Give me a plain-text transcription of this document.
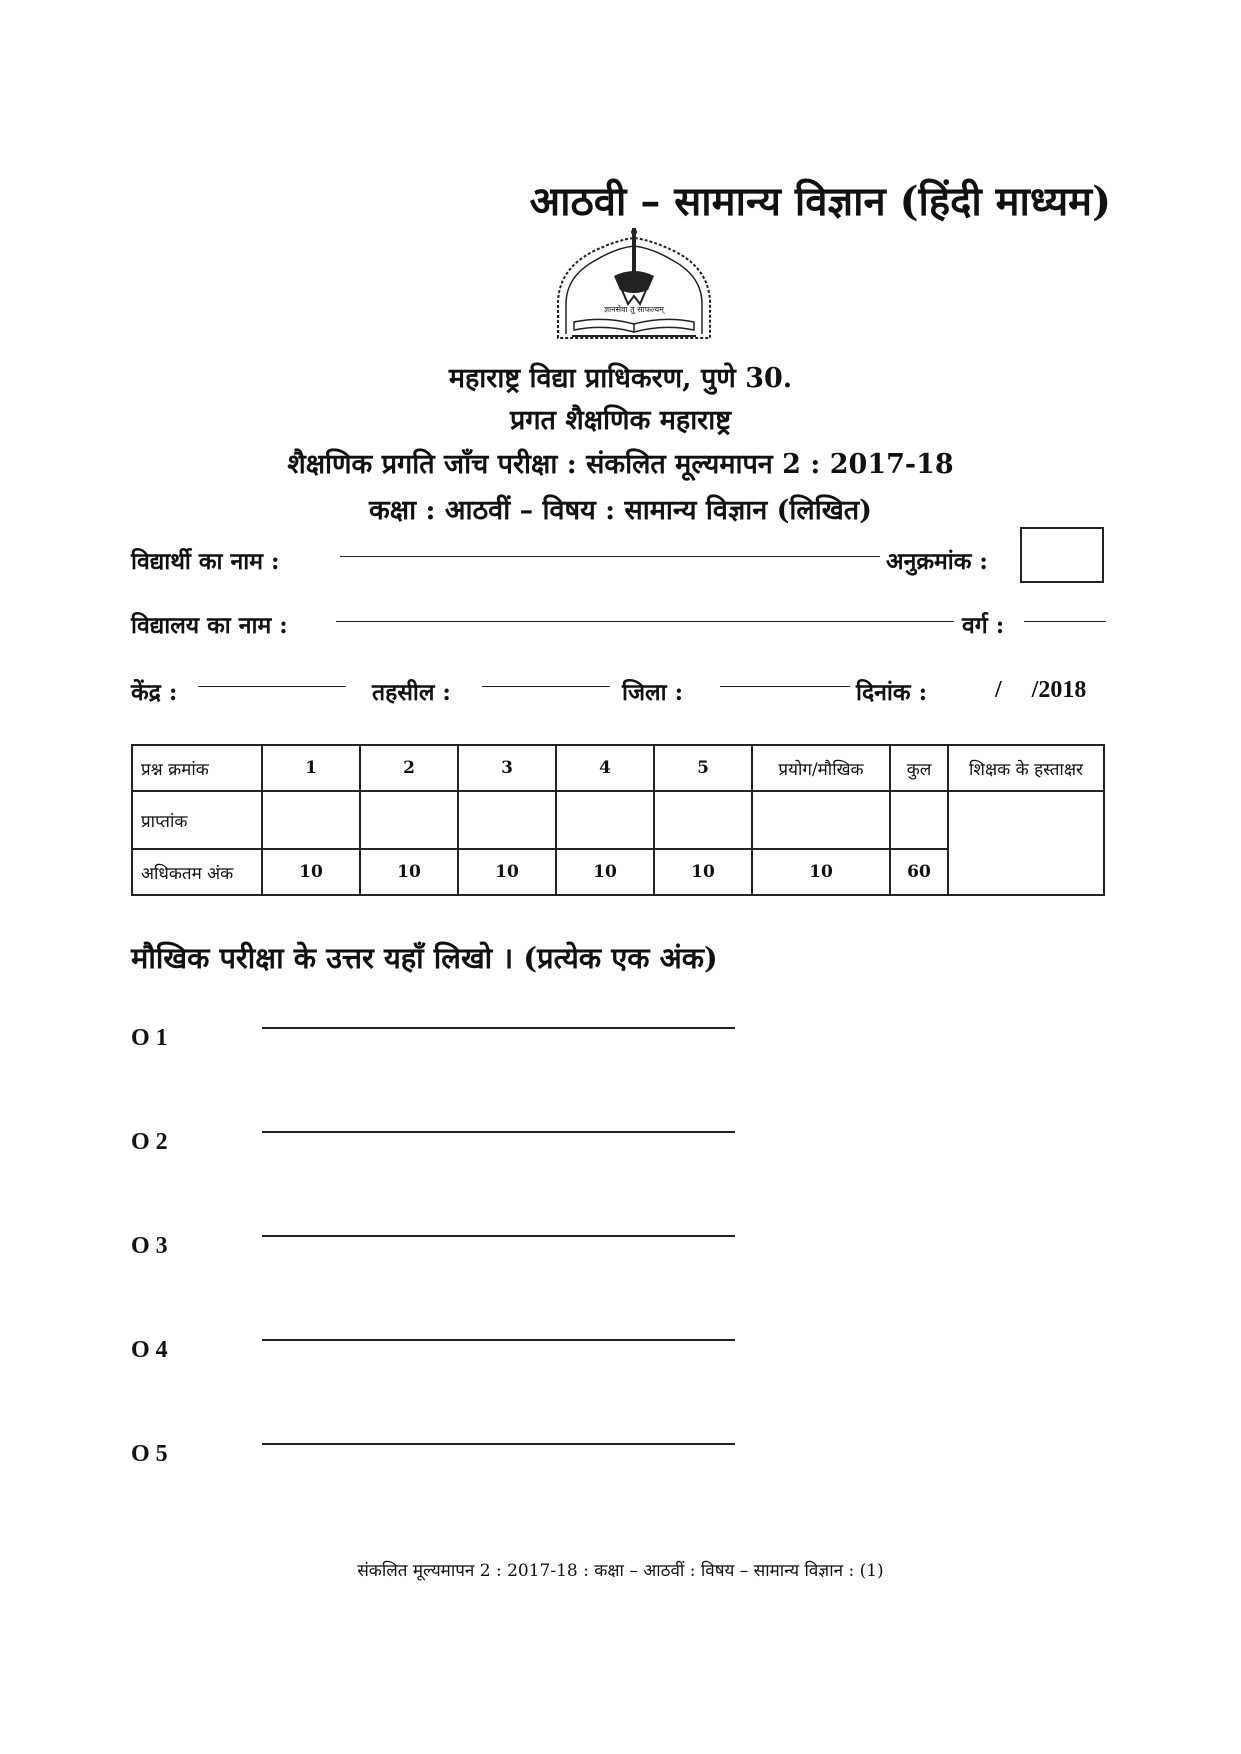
आठवी – सामान्य विज्ञान (हिंदी माध्यम)
ज्ञानसेवा तु साफल्यम्
महाराष्ट्र विद्या प्राधिकरण, पुणे 30.
प्रगत शैक्षणिक महाराष्ट्र
शैक्षणिक प्रगति जाँच परीक्षा : संकलित मूल्यमापन 2 : 2017-18
कक्षा : आठवीं – विषय : सामान्य विज्ञान (लिखित)
विद्यार्थी का नाम :	अनुक्रमांक :
विद्यालय का नाम :	वर्ग :
केंद्र :	तहसील :	जिला :	दिनांक :	/     /2018
प्रश्न क्रमांक	1	2	3	4	5	प्रयोग/मौखिक	कुल	शिक्षक के हस्ताक्षर
प्राप्तांक								
अधिकतम अंक	10	10	10	10	10	10	60	
मौखिक परीक्षा के उत्तर यहाँ लिखो । (प्रत्येक एक अंक)
O 1
O 2
O 3
O 4
O 5
संकलित मूल्यमापन 2 : 2017-18 : कक्षा – आठवीं : विषय – सामान्य विज्ञान : (1)
